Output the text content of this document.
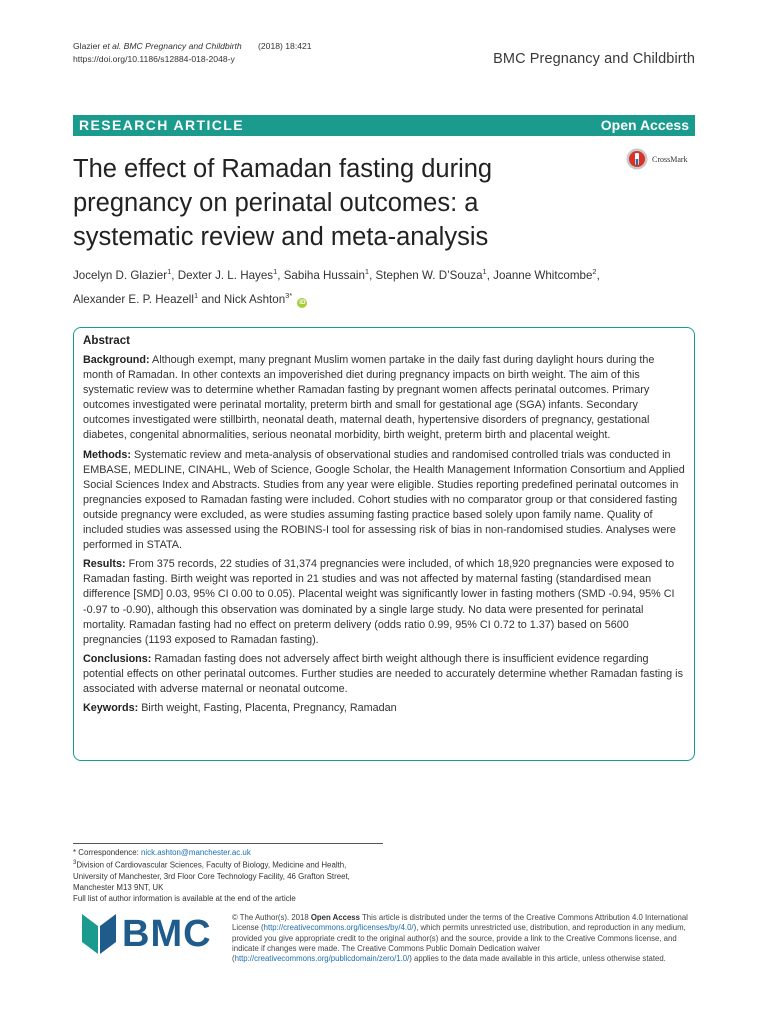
Glazier et al. BMC Pregnancy and Childbirth (2018) 18:421
https://doi.org/10.1186/s12884-018-2048-y	BMC Pregnancy and Childbirth
RESEARCH ARTICLE	Open Access
The effect of Ramadan fasting during pregnancy on perinatal outcomes: a systematic review and meta-analysis
CrossMark
Jocelyn D. Glazier$^1$, Dexter J. L. Hayes$^1$, Sabiha Hussain$^1$, Stephen W. D’Souza$^1$, Joanne Whitcombe$^2$,
Alexander E. P. Heazell$^1$ and Nick Ashton$^{3*}$ iD
Abstract

Background: Although exempt, many pregnant Muslim women partake in the daily fast during daylight hours during the month of Ramadan. In other contexts an impoverished diet during pregnancy impacts on birth weight. The aim of this systematic review was to determine whether Ramadan fasting by pregnant women affects perinatal outcomes. Primary outcomes investigated were perinatal mortality, preterm birth and small for gestational age (SGA) infants. Secondary outcomes investigated were stillbirth, neonatal death, maternal death, hypertensive disorders of pregnancy, gestational diabetes, congenital abnormalities, serious neonatal morbidity, birth weight, preterm birth and placental weight.

Methods: Systematic review and meta-analysis of observational studies and randomised controlled trials was conducted in EMBASE, MEDLINE, CINAHL, Web of Science, Google Scholar, the Health Management Information Consortium and Applied Social Sciences Index and Abstracts. Studies from any year were eligible. Studies reporting predefined perinatal outcomes in pregnancies exposed to Ramadan fasting were included. Cohort studies with no comparator group or that considered fasting outside pregnancy were excluded, as were studies assuming fasting practice based solely upon family name. Quality of included studies was assessed using the ROBINS-I tool for assessing risk of bias in non-randomised studies. Analyses were performed in STATA.

Results: From 375 records, 22 studies of 31,374 pregnancies were included, of which 18,920 pregnancies were exposed to Ramadan fasting. Birth weight was reported in 21 studies and was not affected by maternal fasting (standardised mean difference [SMD] 0.03, 95% CI 0.00 to 0.05). Placental weight was significantly lower in fasting mothers (SMD -0.94, 95% CI -0.97 to -0.90), although this observation was dominated by a single large study. No data were presented for perinatal mortality. Ramadan fasting had no effect on preterm delivery (odds ratio 0.99, 95% CI 0.72 to 1.37) based on 5600 pregnancies (1193 exposed to Ramadan fasting).

Conclusions: Ramadan fasting does not adversely affect birth weight although there is insufficient evidence regarding potential effects on other perinatal outcomes. Further studies are needed to accurately determine whether Ramadan fasting is associated with adverse maternal or neonatal outcome.

Keywords: Birth weight, Fasting, Placenta, Pregnancy, Ramadan

* Correspondence: nick.ashton@manchester.ac.uk
$^3$Division of Cardiovascular Sciences, Faculty of Biology, Medicine and Health, University of Manchester, 3rd Floor Core Technology Facility, 46 Grafton Street, Manchester M13 9NT, UK
Full list of author information is available at the end of the article
BMC	© The Author(s). 2018 Open Access This article is distributed under the terms of the Creative Commons Attribution 4.0 International License (http://creativecommons.org/licenses/by/4.0/), which permits unrestricted use, distribution, and reproduction in any medium, provided you give appropriate credit to the original author(s) and the source, provide a link to the Creative Commons license, and indicate if changes were made. The Creative Commons Public Domain Dedication waiver (http://creativecommons.org/publicdomain/zero/1.0/) applies to the data made available in this article, unless otherwise stated.
